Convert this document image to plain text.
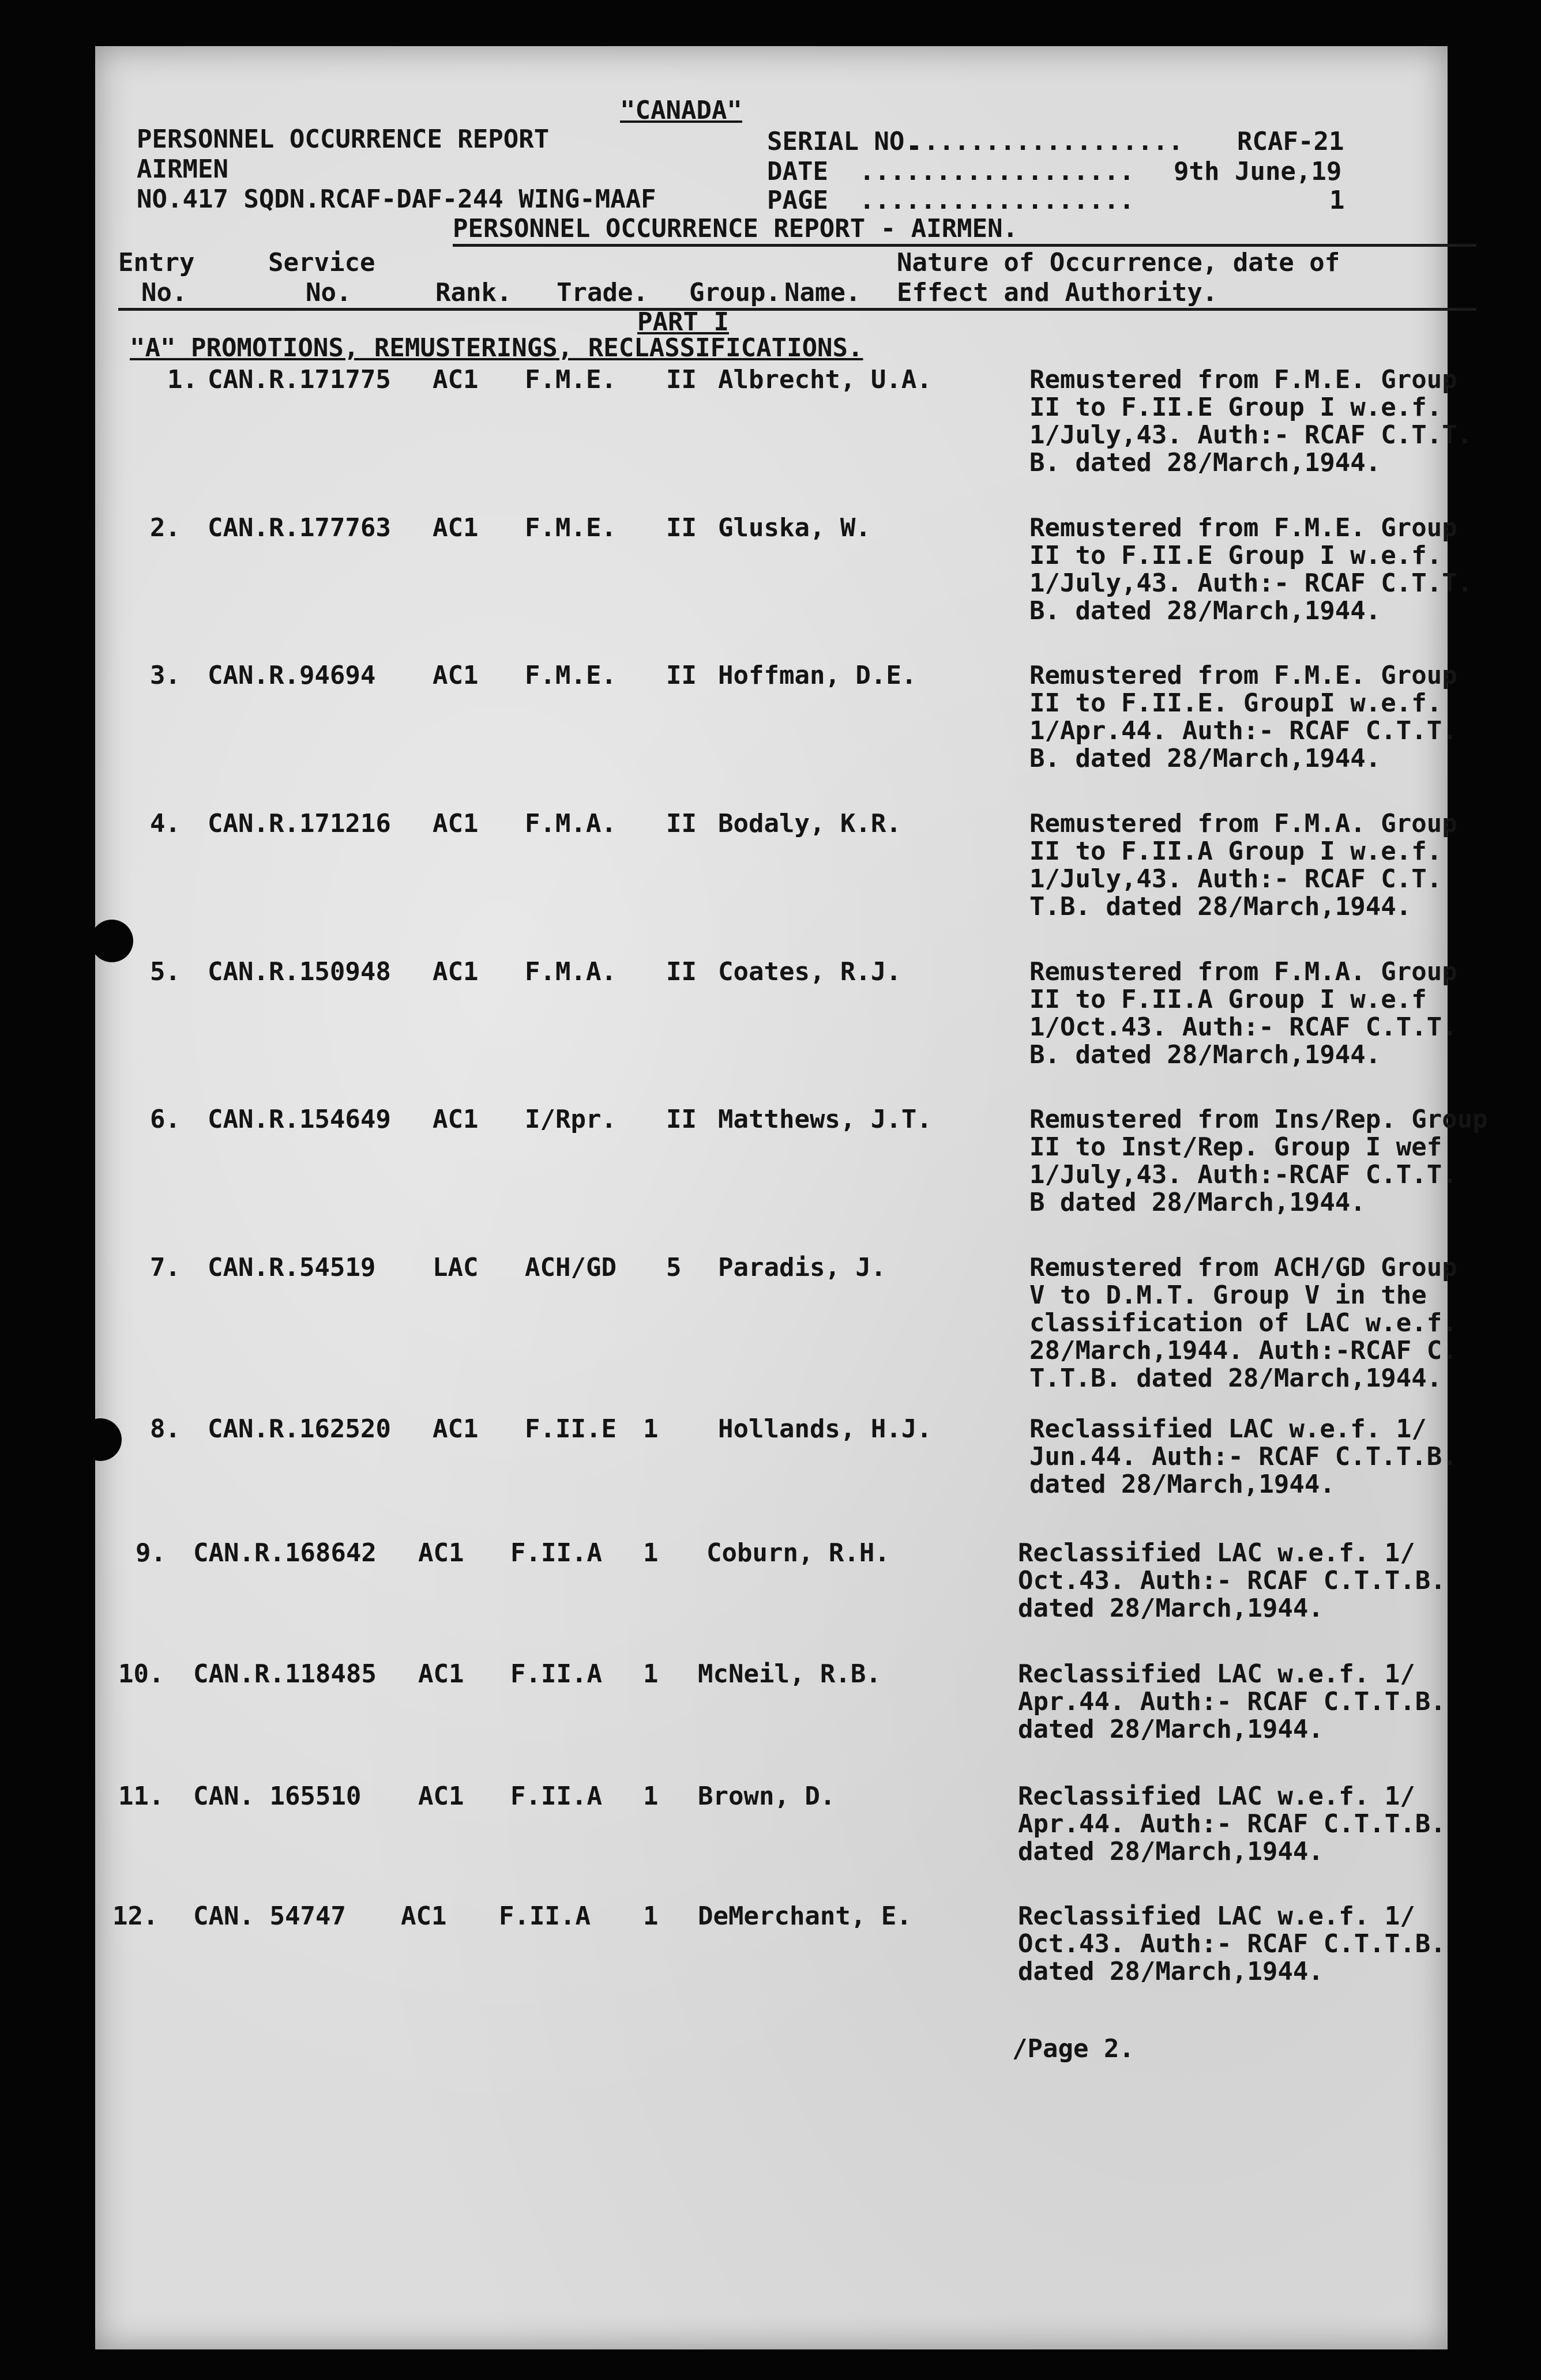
"CANADA"
PERSONNEL OCCURRENCE REPORT
AIRMEN
NO.417 SQDN.RCAF-DAF-244 WING-MAAF
SERIAL NO.
.................. RCAF-21
DATE .................. 9th June,19
PAGE ..................	1
PERSONNEL OCCURRENCE REPORT - AIRMEN.
Entry
No.
Service
No.	Rank. Trade. Group. Name.
Nature of Occurrence, date of
Effect and Authority.
PART I
"A" PROMOTIONS, REMUSTERINGS, RECLASSIFICATIONS.
1. CAN.R.171775 AC1 F.M.E. II Albrecht, U.A.	Remustered from F.M.E. Group
II to F.II.E Group I w.e.f.
1/July,43. Auth:- RCAF C.T.T.
B. dated 28/March,1944.
2. CAN.R.177763 AC1 F.M.E. II Gluska, W.	Remustered from F.M.E. Group
II to F.II.E Group I w.e.f.
1/July,43. Auth:- RCAF C.T.T.
B. dated 28/March,1944.
3. CAN.R.94694 AC1 F.M.E. II Hoffman, D.E.	Remustered from F.M.E. Group
II to F.II.E. GroupI w.e.f.
1/Apr.44. Auth:- RCAF C.T.T.
B. dated 28/March,1944.
4. CAN.R.171216 AC1 F.M.A. II Bodaly, K.R.	Remustered from F.M.A. Group
II to F.II.A Group I w.e.f.
1/July,43. Auth:- RCAF C.T.
T.B. dated 28/March,1944.
5. CAN.R.150948 AC1 F.M.A. II Coates, R.J.	Remustered from F.M.A. Group
II to F.II.A Group I w.e.f
1/Oct.43. Auth:- RCAF C.T.T.
B. dated 28/March,1944.
6. CAN.R.154649 AC1 I/Rpr. II Matthews, J.T.	Remustered from Ins/Rep. Group
II to Inst/Rep. Group I wef
1/July,43. Auth:-RCAF C.T.T.
B dated 28/March,1944.
7. CAN.R.54519 LAC ACH/GD 5 Paradis, J.	Remustered from ACH/GD Group
V to D.M.T. Group V in the
classification of LAC w.e.f.
28/March,1944. Auth:-RCAF C.
T.T.B. dated 28/March,1944.
8. CAN.R.162520 AC1 F.II.E 1 Hollands, H.J.	Reclassified LAC w.e.f. 1/
Jun.44. Auth:- RCAF C.T.T.B.
dated 28/March,1944.
9. CAN.R.168642 AC1 F.II.A 1 Coburn, R.H.	Reclassified LAC w.e.f. 1/
Oct.43. Auth:- RCAF C.T.T.B.
dated 28/March,1944.
10. CAN.R.118485 AC1 F.II.A 1 McNeil, R.B.	Reclassified LAC w.e.f. 1/
Apr.44. Auth:- RCAF C.T.T.B.
dated 28/March,1944.
11. CAN. 165510 AC1 F.II.A 1 Brown, D.	Reclassified LAC w.e.f. 1/
Apr.44. Auth:- RCAF C.T.T.B.
dated 28/March,1944.
12. CAN. 54747 AC1 F.II.A 1 DeMerchant, E.	Reclassified LAC w.e.f. 1/
Oct.43. Auth:- RCAF C.T.T.B.
dated 28/March,1944.
/Page 2.
